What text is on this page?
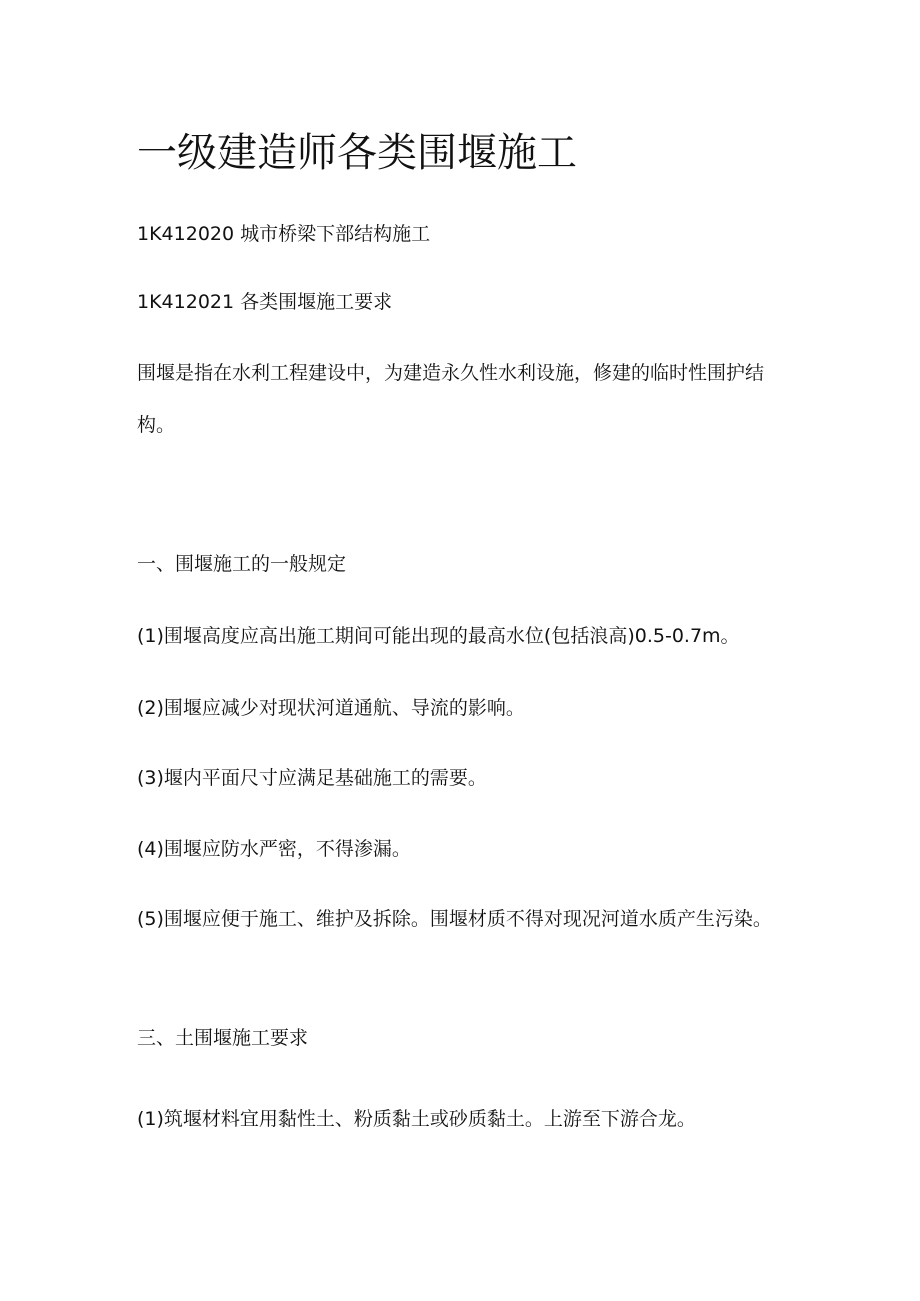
一级建造师各类围堰施工

1K412020 城市桥梁下部结构施工

1K412021 各类围堰施工要求

围堰是指在水利工程建设中，为建造永久性水利设施，修建的临时性围护结构。

一、围堰施工的一般规定

(1)围堰高度应高出施工期间可能出现的最高水位(包括浪高)0.5-0.7m。

(2)围堰应减少对现状河道通航、导流的影响。

(3)堰内平面尺寸应满足基础施工的需要。

(4)围堰应防水严密，不得渗漏。

(5)围堰应便于施工、维护及拆除。围堰材质不得对现况河道水质产生污染。

三、土围堰施工要求

(1)筑堰材料宜用黏性土、粉质黏土或砂质黏土。上游至下游合龙。
